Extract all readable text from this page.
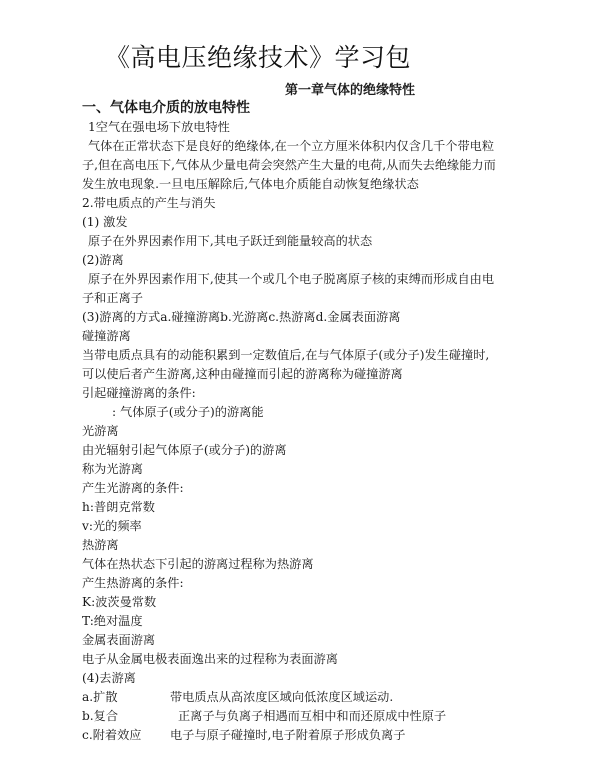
《高电压绝缘技术》学习包
第一章气体的绝缘特性
一、气体电介质的放电特性
1空气在强电场下放电特性
气体在正常状态下是良好的绝缘体,在一个立方厘米体积内仅含几千个带电粒
子,但在高电压下,气体从少量电荷会突然产生大量的电荷,从而失去绝缘能力而
发生放电现象.一旦电压解除后,气体电介质能自动恢复绝缘状态
2.带电质点的产生与消失
(1) 激发
原子在外界因素作用下,其电子跃迁到能量较高的状态
(2)游离
原子在外界因素作用下,使其一个或几个电子脱离原子核的束缚而形成自由电
子和正离子
(3)游离的方式a.碰撞游离b.光游离c.热游离d.金属表面游离
碰撞游离
当带电质点具有的动能积累到一定数值后,在与气体原子(或分子)发生碰撞时,
可以使后者产生游离,这种由碰撞而引起的游离称为碰撞游离
引起碰撞游离的条件:
: 气体原子(或分子)的游离能
光游离
由光辐射引起气体原子(或分子)的游离
称为光游离
产生光游离的条件:
h:普朗克常数
v:光的频率
热游离
气体在热状态下引起的游离过程称为热游离
产生热游离的条件:
K:波茨曼常数
T:绝对温度
金属表面游离
电子从金属电极表面逸出来的过程称为表面游离
(4)去游离
a.扩散	带电质点从高浓度区域向低浓度区域运动.
b.复合	正离子与负离子相遇而互相中和而还原成中性原子
c.附着效应	电子与原子碰撞时,电子附着原子形成负离子
